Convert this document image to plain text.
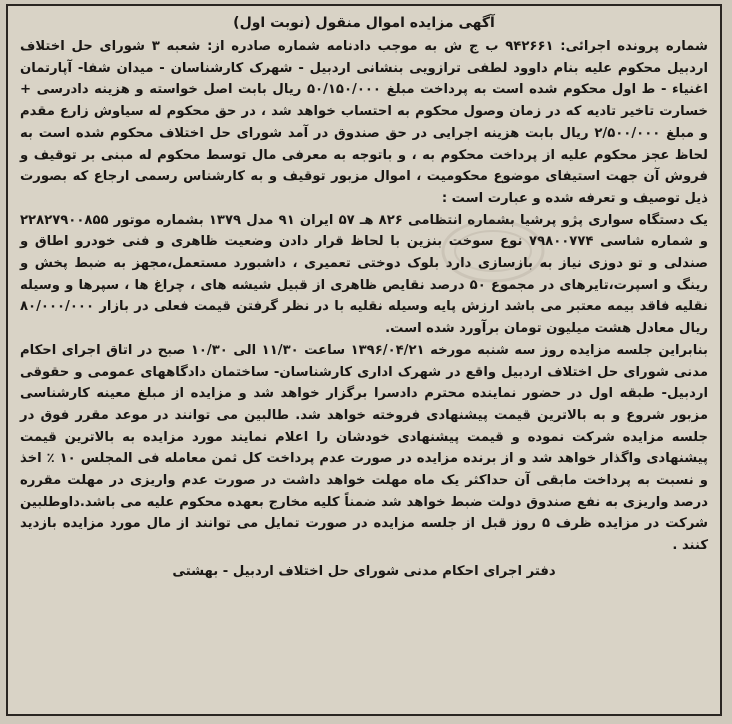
آگهی مزایده اموال منقول (نوبت اول)

شماره پرونده اجرائی: ۹۴۲۶۶۱ ب ج ش به موجب دادنامه شماره صادره از: شعبه ۳ شورای حل اختلاف اردبیل محکوم علیه بنام داوود لطفی ترازویی بنشانی اردبیل - شهرک کارشناسان - میدان شفا- آپارتمان اغنیاء - ط اول محکوم شده است به پرداخت مبلغ ۵۰/۱۵۰/۰۰۰ ریال بابت اصل خواسته و هزینه دادرسی + خسارت تاخیر تادیه که در زمان وصول محکوم به احتساب خواهد شد ، در حق محکوم له سیاوش زارع مقدم و مبلغ ۲/۵۰۰/۰۰۰ ریال بابت هزینه اجرایی در حق صندوق در آمد شورای حل اختلاف محکوم شده است به لحاظ عجز محکوم علیه از پرداخت محکوم به ، و باتوجه به معرفی مال توسط محکوم له مبنی بر توقیف و فروش آن جهت استیفای موضوع محکومیت ، اموال مزبور توقیف و به کارشناس رسمی ارجاع که بصورت ذیل توصیف و تعرفه شده و عبارت است :

یک دستگاه سواری پژو پرشیا بشماره انتظامی ۸۲۶ هـ ۵۷ ایران ۹۱ مدل ۱۳۷۹ بشماره موتور ۲۲۸۲۷۹۰۰۸۵۵ و شماره شاسی ۷۹۸۰۰۷۷۴ نوع سوخت بنزین با لحاظ قرار دادن وضعیت ظاهری و فنی خودرو اطاق و صندلی و تو دوزی نیاز به بازسازی دارد بلوک دوختی تعمیری ، داشبورد مستعمل،مجهز به ضبط پخش و رینگ و اسپرت،تایرهای در مجموع ۵۰ درصد نقایص ظاهری از قبیل شیشه های ، چراغ ها ، سپرها و وسیله نقلیه فاقد بیمه معتبر می باشد ارزش پایه وسیله نقلیه با در نظر گرفتن قیمت فعلی در بازار ۸۰/۰۰۰/۰۰۰ ریال معادل هشت میلیون تومان برآورد شده است.

بنابراین جلسه مزایده روز سه شنبه مورخه ۱۳۹۶/۰۴/۲۱ ساعت ۱۱/۳۰ الی ۱۰/۳۰ صبح در اتاق اجرای احکام مدنی شورای حل اختلاف اردبیل واقع در شهرک اداری کارشناسان- ساختمان دادگاههای عمومی و حقوقی اردبیل- طبقه اول در حضور نماینده محترم دادسرا برگزار خواهد شد و مزایده از مبلغ معینه کارشناسی مزبور شروع و به بالاترین قیمت پیشنهادی فروخته خواهد شد. طالبین می توانند در موعد مقرر فوق در جلسه مزایده شرکت نموده و قیمت پیشنهادی خودشان را اعلام نمایند مورد مزایده به بالاترین قیمت پیشنهادی واگذار خواهد شد و از برنده مزایده در صورت عدم پرداخت کل ثمن معامله فی المجلس ۱۰ ٪ اخذ و نسبت به پرداخت مابقی آن حداکثر یک ماه مهلت خواهد داشت در صورت عدم واریزی در مهلت مقرره درصد واریزی به نفع صندوق دولت ضبط خواهد شد ضمناً کلیه مخارج بعهده محکوم علیه می باشد.داوطلبین شرکت در مزایده ظرف ۵ روز قبل از جلسه مزایده در صورت تمایل می توانند از مال مورد مزایده بازدید کنند .

دفتر اجرای احکام مدنی شورای حل اختلاف اردبیل - بهشتی
